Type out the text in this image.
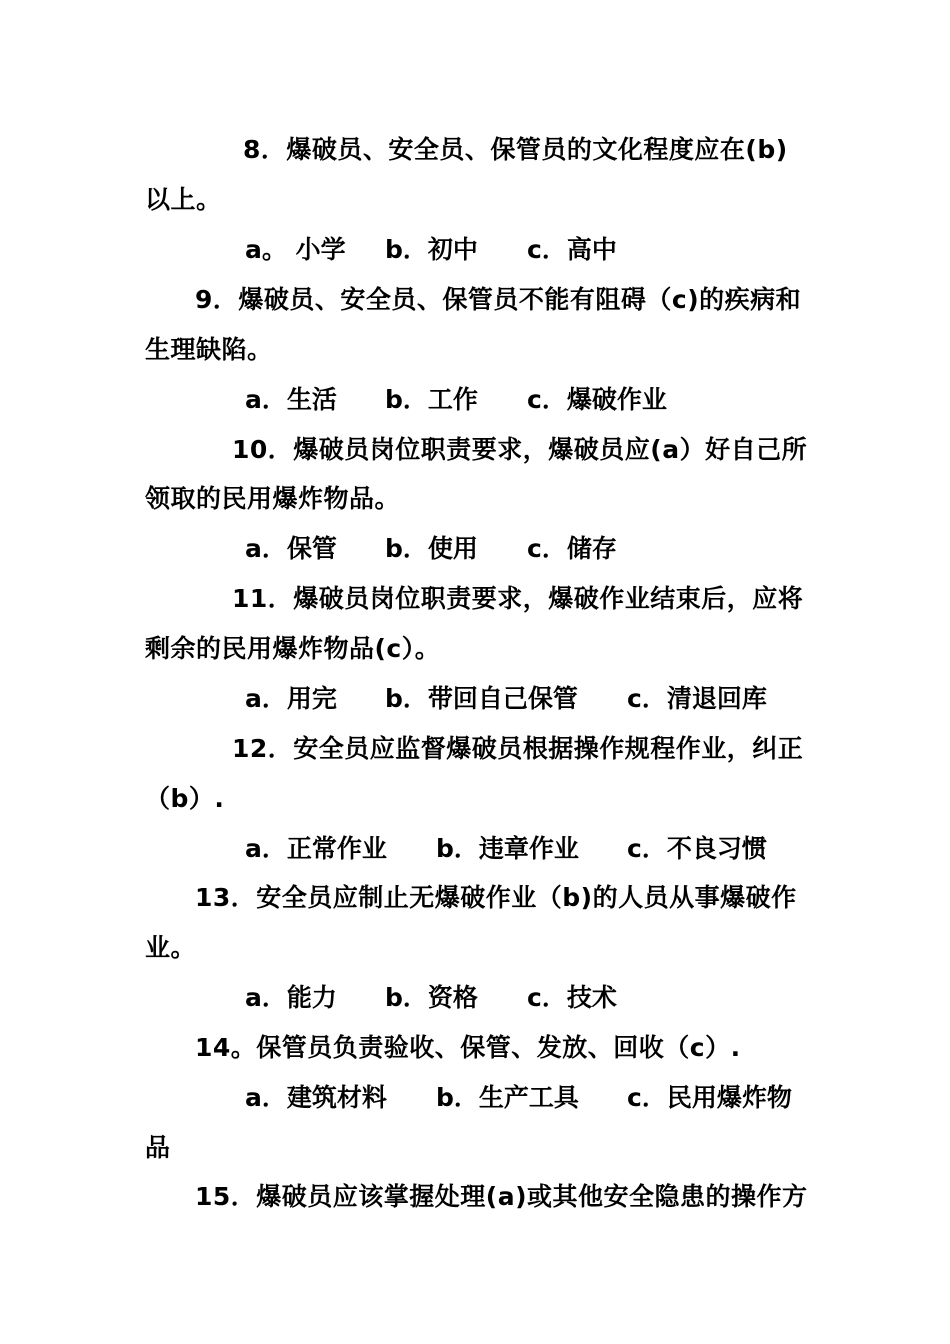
8．爆破员、安全员、保管员的文化程度应在(b)
以上。
a。 小学 b．初中 c．高中
9．爆破员、安全员、保管员不能有阻碍（c)的疾病和
生理缺陷。
a．生活 b．工作 c．爆破作业
10．爆破员岗位职责要求，爆破员应(a）好自己所
领取的民用爆炸物品。
a．保管 b．使用 c．储存
11．爆破员岗位职责要求，爆破作业结束后，应将
剩余的民用爆炸物品(c）。
a．用完 b．带回自己保管 c．清退回库
12．安全员应监督爆破员根据操作规程作业，纠正
（b）.
a．正常作业 b．违章作业 c．不良习惯
13．安全员应制止无爆破作业（b)的人员从事爆破作
业。
a．能力 b．资格 c．技术
14。保管员负责验收、保管、发放、回收（c）.
a．建筑材料 b．生产工具 c．民用爆炸物
品
15．爆破员应该掌握处理(a)或其他安全隐患的操作方
